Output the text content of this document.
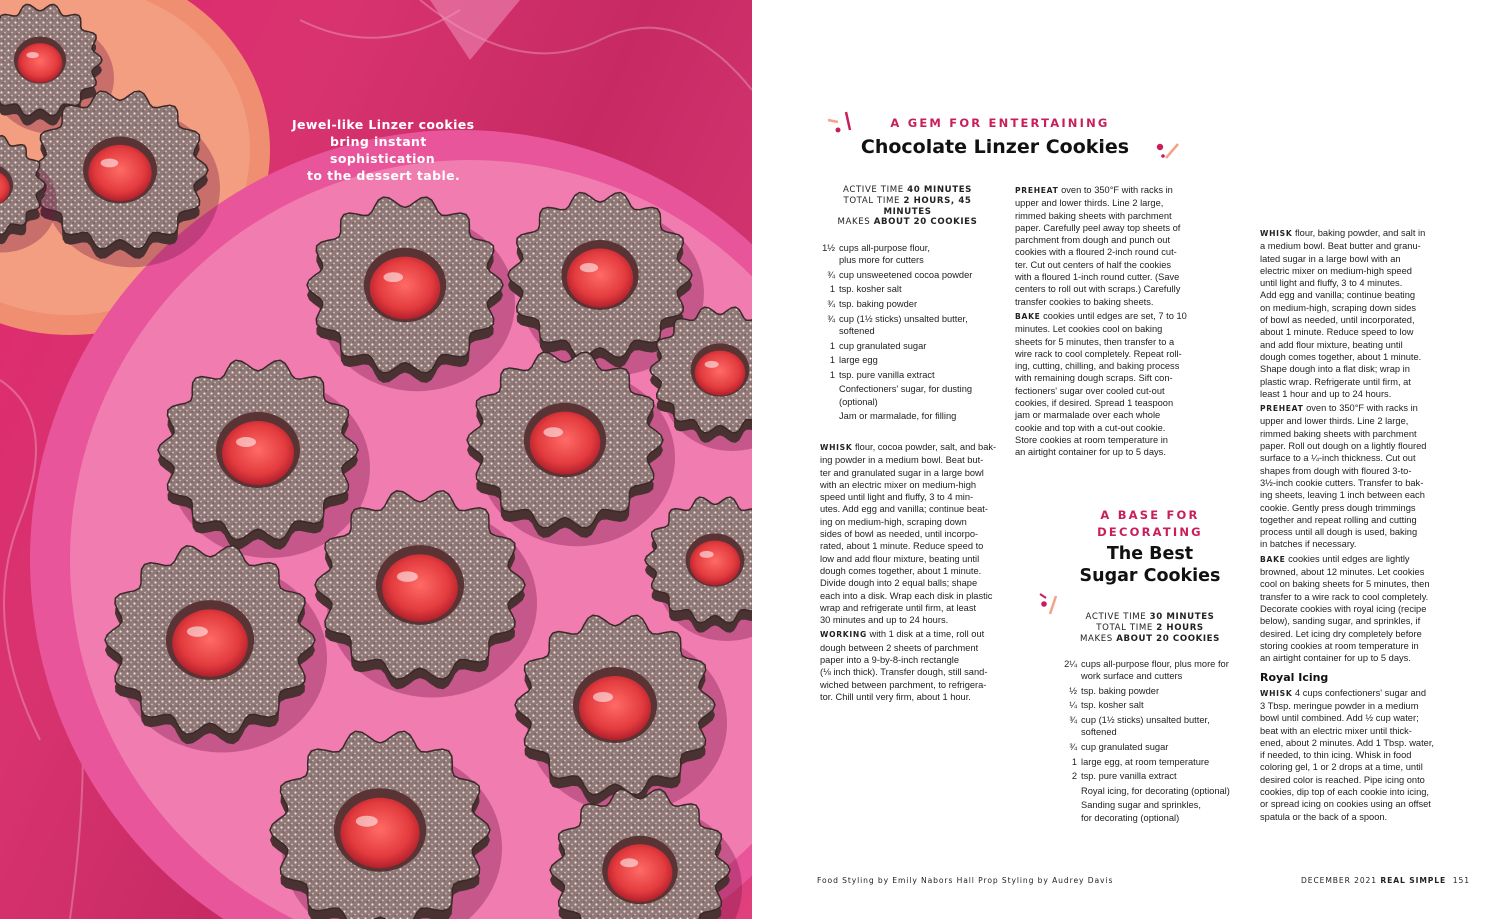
Jewel-like Linzer cookies
bring instant sophistication
to the dessert table.
A GEM FOR ENTERTAINING
Chocolate Linzer Cookies
ACTIVE TIME 40 MINUTES
TOTAL TIME 2 HOURS, 45 MINUTES
MAKES ABOUT 20 COOKIES
1½ cups all-purpose flour,
plus more for cutters
¾ cup unsweetened cocoa powder
1 tsp. kosher salt
¾ tsp. baking powder
¾ cup (1½ sticks) unsalted butter,
softened
1 cup granulated sugar
1 large egg
1 tsp. pure vanilla extract
Confectioners' sugar, for dusting
(optional)
Jam or marmalade, for filling

WHISK flour, cocoa powder, salt, and bak-
ing powder in a medium bowl. Beat but-
ter and granulated sugar in a large bowl
with an electric mixer on medium-high
speed until light and fluffy, 3 to 4 min-
utes. Add egg and vanilla; continue beat-
ing on medium-high, scraping down
sides of bowl as needed, until incorpo-
rated, about 1 minute. Reduce speed to
low and add flour mixture, beating until
dough comes together, about 1 minute.
Divide dough into 2 equal balls; shape
each into a disk. Wrap each disk in plastic
wrap and refrigerate until firm, at least
30 minutes and up to 24 hours.

WORKING with 1 disk at a time, roll out
dough between 2 sheets of parchment
paper into a 9-by-8-inch rectangle
(⅛ inch thick). Transfer dough, still sand-
wiched between parchment, to refrigera-
tor. Chill until very firm, about 1 hour.

PREHEAT oven to 350°F with racks in
upper and lower thirds. Line 2 large,
rimmed baking sheets with parchment
paper. Carefully peel away top sheets of
parchment from dough and punch out
cookies with a floured 2-inch round cut-
ter. Cut out centers of half the cookies
with a floured 1-inch round cutter. (Save
centers to roll out with scraps.) Carefully
transfer cookies to baking sheets.

BAKE cookies until edges are set, 7 to 10
minutes. Let cookies cool on baking
sheets for 5 minutes, then transfer to a
wire rack to cool completely. Repeat roll-
ing, cutting, chilling, and baking process
with remaining dough scraps. Sift con-
fectioners' sugar over cooled cut-out
cookies, if desired. Spread 1 teaspoon
jam or marmalade over each whole
cookie and top with a cut-out cookie.
Store cookies at room temperature in
an airtight container for up to 5 days.

A BASE FOR
DECORATING
The Best
Sugar Cookies
ACTIVE TIME 30 MINUTES
TOTAL TIME 2 HOURS
MAKES ABOUT 20 COOKIES
2¼ cups all-purpose flour, plus more for
work surface and cutters
½ tsp. baking powder
¼ tsp. kosher salt
¾ cup (1½ sticks) unsalted butter,
softened
¾ cup granulated sugar
1 large egg, at room temperature
2 tsp. pure vanilla extract
Royal icing, for decorating (optional)
Sanding sugar and sprinkles,
for decorating (optional)

WHISK flour, baking powder, and salt in
a medium bowl. Beat butter and granu-
lated sugar in a large bowl with an
electric mixer on medium-high speed
until light and fluffy, 3 to 4 minutes.
Add egg and vanilla; continue beating
on medium-high, scraping down sides
of bowl as needed, until incorporated,
about 1 minute. Reduce speed to low
and add flour mixture, beating until
dough comes together, about 1 minute.
Shape dough into a flat disk; wrap in
plastic wrap. Refrigerate until firm, at
least 1 hour and up to 24 hours.

PREHEAT oven to 350°F with racks in
upper and lower thirds. Line 2 large,
rimmed baking sheets with parchment
paper. Roll out dough on a lightly floured
surface to a ¼-inch thickness. Cut out
shapes from dough with floured 3-to-
3½-inch cookie cutters. Transfer to bak-
ing sheets, leaving 1 inch between each
cookie. Gently press dough trimmings
together and repeat rolling and cutting
process until all dough is used, baking
in batches if necessary.

BAKE cookies until edges are lightly
browned, about 12 minutes. Let cookies
cool on baking sheets for 5 minutes, then
transfer to a wire rack to cool completely.
Decorate cookies with royal icing (recipe
below), sanding sugar, and sprinkles, if
desired. Let icing dry completely before
storing cookies at room temperature in
an airtight container for up to 5 days.

Royal Icing

WHISK 4 cups confectioners' sugar and
3 Tbsp. meringue powder in a medium
bowl until combined. Add ½ cup water;
beat with an electric mixer until thick-
ened, about 2 minutes. Add 1 Tbsp. water,
if needed, to thin icing. Whisk in food
coloring gel, 1 or 2 drops at a time, until
desired color is reached. Pipe icing onto
cookies, dip top of each cookie into icing,
or spread icing on cookies using an offset
spatula or the back of a spoon.

Food Styling by Emily Nabors Hall Prop Styling by Audrey Davis	DECEMBER 2021 REAL SIMPLE 151
